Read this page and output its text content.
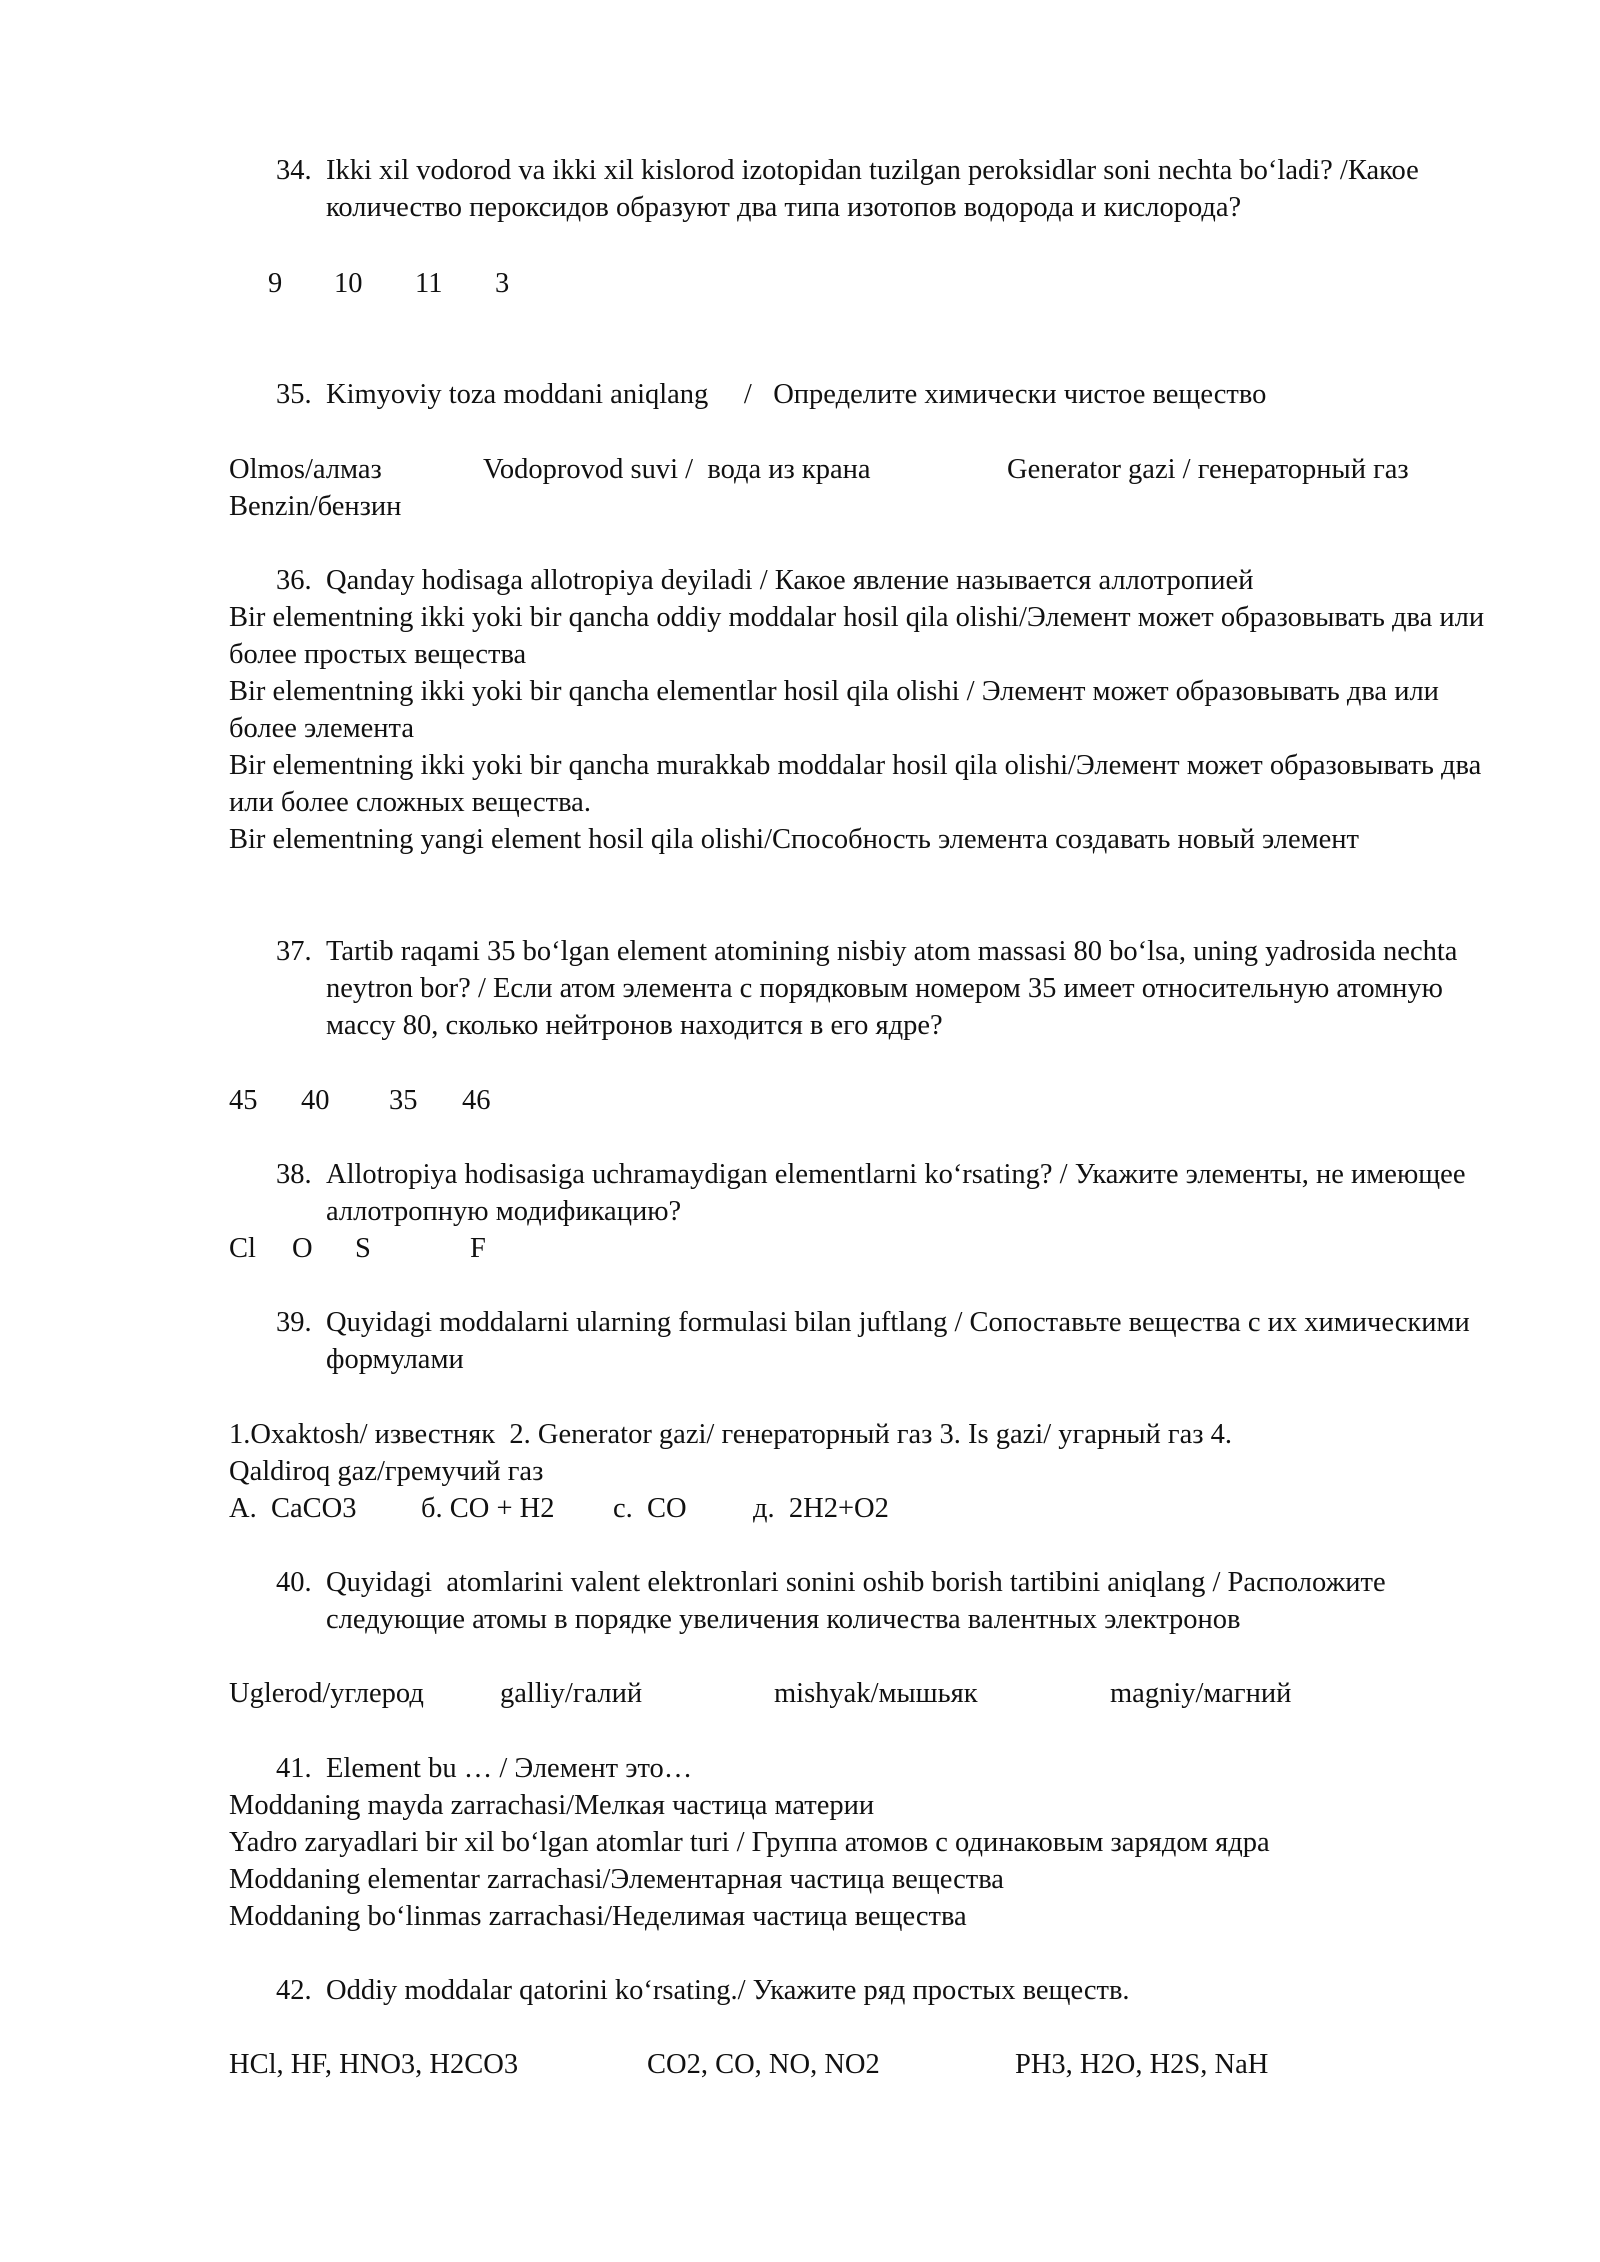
34. Ikki xil vodorod va ikki xil kislorod izotopidan tuzilgan peroksidlar soni nechta bo‘ladi? /Какое количество пероксидов образуют два типа изотопов водорода и кислорода?
9 10 11 3
35. Kimyoviy toza moddani aniqlang     /   Определите химически чистое вещество
Olmos/алмаз	Vodoprovod suvi /  вода из крана	Generator gazi / генераторный газ
Benzin/бензин
36. Qanday hodisaga allotropiya deyiladi / Какое явление называется аллотропией
Bir elementning ikki yoki bir qancha oddiy moddalar hosil qila olishi/Элемент может образовывать два или более простых вещества
Bir elementning ikki yoki bir qancha elementlar hosil qila olishi / Элемент может образовывать два или более элемента
Bir elementning ikki yoki bir qancha murakkab moddalar hosil qila olishi/Элемент может образовывать два или более сложных вещества.
Bir elementning yangi element hosil qila olishi/Способность элемента создавать новый элемент
37. Tartib raqami 35 bo‘lgan element atomining nisbiy atom massasi 80 bo‘lsa, uning yadrosida nechta neytron bor? / Если атом элемента с порядковым номером 35 имеет относительную атомную массу 80, сколько нейтронов находится в его ядре?
45 40 35 46
38. Allotropiya hodisasiga uchramaydigan elementlarni ko‘rsating? / Укажите элементы, не имеющее аллотропную модификацию?
Cl O S	F
39. Quyidagi moddalarni ularning formulasi bilan juftlang / Сопоставьте вещества с их химическими формулами
1.Oxaktosh/ известняк  2. Generator gazi/ генераторный газ 3. Is gazi/ угарный газ 4.
Qaldiroq gaz/гремучий газ
А.  CaCO3 б. CO + H2 с.  CO д.  2H2+O2
40. Quyidagi  atomlarini valent elektronlari sonini oshib borish tartibini aniqlang / Расположите следующие атомы в порядке увеличения количества валентных электронов
Uglerod/углерод	galliy/галий	mishyak/мышьяк	magniy/магний
41. Element bu … / Элемент это…
Moddaning mayda zarrachasi/Мелкая частица материи
Yadro zaryadlari bir xil bo‘lgan atomlar turi / Группа атомов с одинаковым зарядом ядра
Moddaning elementar zarrachasi/Элементарная частица вещества
Moddaning bo‘linmas zarrachasi/Неделимая частица вещества
42. Oddiy moddalar qatorini ko‘rsating./ Укажите ряд простых веществ.
HCl, HF, HNO3, H2CO3	CO2, CO, NO, NO2	PH3, H2O, H2S, NaH
